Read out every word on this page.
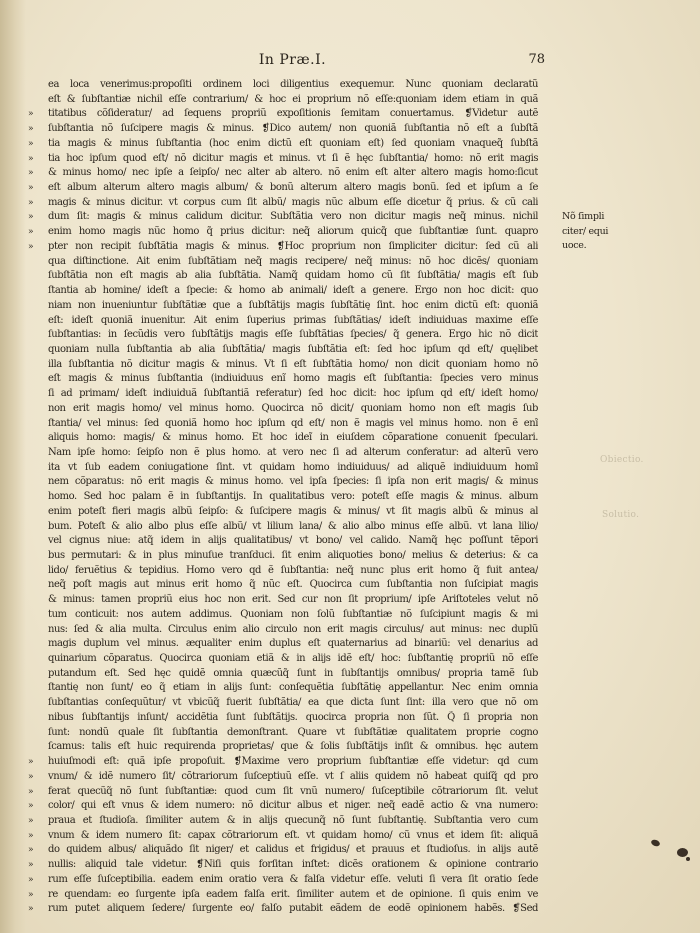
In Præ.I.	78
ea loca venerimus:propoſiti ordinem loci diligentius exequemur. Nunc quoniam declaratũ
eſt & ſubſtantiæ nichil eſſe contrarium/ & hoc ei proprium nõ eſſe:quoniam idem etiam in quã
»	titatibus cõſideratur/ ad ſequens propriũ expoſitionis ſemitam conuertamus. ❡Videtur autẽ
»	ſubſtantia nõ ſuſcipere magis & minus. ❡Dico autem/ non quoniã ſubſtantia nõ eſt a ſubſtã
»	tia magis & minus ſubſtantia (hoc enim dictũ eſt quoniam eſt) ſed quoniam vnaqueq̃ ſubſtã
»	tia hoc ipſum quod eſt/ nõ dicitur magis et minus. vt ſi ẽ hęc ſubſtantia/ homo: nõ erit magis
»	& minus homo/ nec ipſe a ſeipſo/ nec alter ab altero. nõ enim eſt alter altero magis homo:ſicut
»	eſt album alterum altero magis album/ & bonũ alterum altero magis bonũ. ſed et ipſum a ſe
»	magis & minus dicitur. vt corpus cum ſit albũ/ magis nũc album eſſe dicetur q̃ prius. & cũ cali
»	dum ſit: magis & minus calidum dicitur. Subſtãtia vero non dicitur magis neq̃ minus. nichil
»	enim homo magis nũc homo q̃ prius dicitur: neq̃ aliorum quicq̃ que ſubſtantiæ ſunt. quapro
»	pter non recipit ſubſtãtia magis & minus. ❡Hoc proprium non ſimpliciter dicitur: ſed cũ ali
qua diſtinctione. Ait enim ſubſtãtiam neq̃ magis recipere/ neq̃ minus: nõ hoc dicẽs/ quoniam
ſubſtãtia non eſt magis ab alia ſubſtãtia. Namq̃ quidam homo cũ ſit ſubſtãtia/ magis eſt ſub
ſtantia ab homine/ ideſt a ſpecie: & homo ab animali/ ideſt a genere. Ergo non hoc dicit: quo
niam non inueniuntur ſubſtãtiæ que a ſubſtãtijs magis ſubſtãtię ſint. hoc enim dictũ eſt: quoniã
eſt: ideſt quoniã inuenitur. Ait enim ſuperius primas ſubſtãtias/ ideſt indiuiduas maxime eſſe
ſubſtantias: in ſecũdis vero ſubſtãtijs magis eſſe ſubſtãtias ſpecies/ q̃ genera. Ergo hic nõ dicit
quoniam nulla ſubſtantia ab alia ſubſtãtia/ magis ſubſtãtia eſt: ſed hoc ipſum qd eſt/ quęlibet
illa ſubſtantia nõ dicitur magis & minus. Vt ſi eſt ſubſtãtia homo/ non dicit quoniam homo nõ
eſt magis & minus ſubſtantia (indiuiduus enĩ homo magis eſt ſubſtantia: ſpecies vero minus
ſi ad primam/ ideſt indiuiduã ſubſtantiã referatur) ſed hoc dicit: hoc ipſum qd eſt/ ideſt homo/
non erit magis homo/ vel minus homo. Quocirca nõ dicit/ quoniam homo non eſt magis ſub
ſtantia/ vel minus: ſed quoniã homo hoc ipſum qd eſt/ non ẽ magis vel minus homo. non ẽ enĩ
aliquis homo: magis/ & minus homo. Et hoc ideĩ in eiuſdem cõparatione conuenit ſpeculari.
Nam ipſe homo: ſeipſo non ẽ plus homo. at vero nec ſi ad alterum conferatur: ad alterũ vero
ita vt ſub eadem coniugatione ſint. vt quidam homo indiuiduus/ ad aliquẽ indiuiduum homĩ
nem cõparatus: nõ erit magis & minus homo. vel ipſa ſpecies: ſi ipſa non erit magis/ & minus
homo. Sed hoc palam ẽ in ſubſtantijs. In qualitatibus vero: poteſt eſſe magis & minus. album
enim poteſt fieri magis albũ ſeipſo: & ſuſcipere magis & minus/ vt ſit magis albũ & minus al
bum. Poteſt & alio albo plus eſſe albũ/ vt lilium lana/ & alio albo minus eſſe albũ. vt lana lilio/
vel cignus niue: atq̃ idem in alijs qualitatibus/ vt bono/ vel calido. Namq̃ hęc poſſunt tẽpori
bus permutari: & in plus minuſue tranſduci. ſit enim aliquoties bono/ melius & deterius: & ca
lido/ feruẽtius & tepidius. Homo vero qd ẽ ſubſtantia: neq̃ nunc plus erit homo q̃ fuit antea/
neq̃ poſt magis aut minus erit homo q̃ nũc eſt. Quocirca cum ſubſtantia non ſuſcipiat magis
& minus: tamen propriũ eius hoc non erit. Sed cur non ſit proprium/ ipſe Ariſtoteles velut nõ
tum conticuit: nos autem addimus. Quoniam non ſolũ ſubſtantiæ nõ ſuſcipiunt magis & mi
nus: ſed & alia multa. Circulus enim alio circulo non erit magis circulus/ aut minus: nec duplũ
magis duplum vel minus. æqualiter enim duplus eſt quaternarius ad binariũ: vel denarius ad
quinarium cõparatus. Quocirca quoniam etiã & in alijs idẽ eſt/ hoc: ſubſtantię propriũ nõ eſſe
putandum eſt. Sed hęc quidẽ omnia quæcũq̃ ſunt in ſubſtantijs omnibus/ propria tamẽ ſub
ſtantię non ſunt/ eo q̃ etiam in alijs ſunt: conſequẽtia ſubſtãtię appellantur. Nec enim omnia
ſubſtantias conſequũtur/ vt vbicũq̃ fuerit ſubſtãtia/ ea que dicta ſunt ſint: illa vero que nõ om
nibus ſubſtantijs inſunt/ accidẽtia ſunt ſubſtãtijs. quocirca propria non ſũt. Q̃ ſi propria non
ſunt: nondũ quale ſit ſubſtantia demonſtrant. Quare vt ſubſtãtiæ qualitatem proprie cogno
ſcamus: talis eſt huic requirenda proprietas/ que & ſolis ſubſtãtijs inſit & omnibus. hęc autem
»	huiuſmodi eſt: quã ipſe propoſuit. ❡Maxime vero proprium ſubſtantiæ eſſe videtur: qd cum
»	vnum/ & idẽ numero ſit/ cõtrariorum ſuſceptiuũ eſſe. vt ſ aliis quidem nõ habeat quiſq̃ qd pro
»	ferat quecũq̃ nõ ſunt ſubſtantiæ: quod cum ſit vnũ numero/ ſuſceptibile cõtrariorum ſit. velut
»	color/ qui eſt vnus & idem numero: nõ dicitur albus et niger. neq̃ eadẽ actio & vna numero:
»	praua et ſtudioſa. ſimiliter autem & in alijs quecunq̃ nõ ſunt ſubſtantię. Subſtantia vero cum
»	vnum & idem numero ſit: capax cõtrariorum eſt. vt quidam homo/ cũ vnus et idem ſit: aliquã
»	do quidem albus/ aliquãdo ſit niger/ et calidus et frigidus/ et prauus et ſtudioſus. in alijs autẽ
»	nullis: aliquid tale videtur. ❡Niſi quis forſitan inſtet: dicẽs orationem & opinione contrario
»	rum eſſe ſuſceptibilia. eadem enim oratio vera & falſa videtur eſſe. veluti ſi vera ſit oratio ſede
»	re quendam: eo ſurgente ipſa eadem falſa erit. ſimiliter autem et de opinione. ſi quis enim ve
»	rum putet aliquem ſedere/ ſurgente eo/ falſo putabit eãdem de eodẽ opinionem habẽs. ❡Sed
Nõ ſimpli
citer/ equi
uoce.
Obiectio.
Solutio.
